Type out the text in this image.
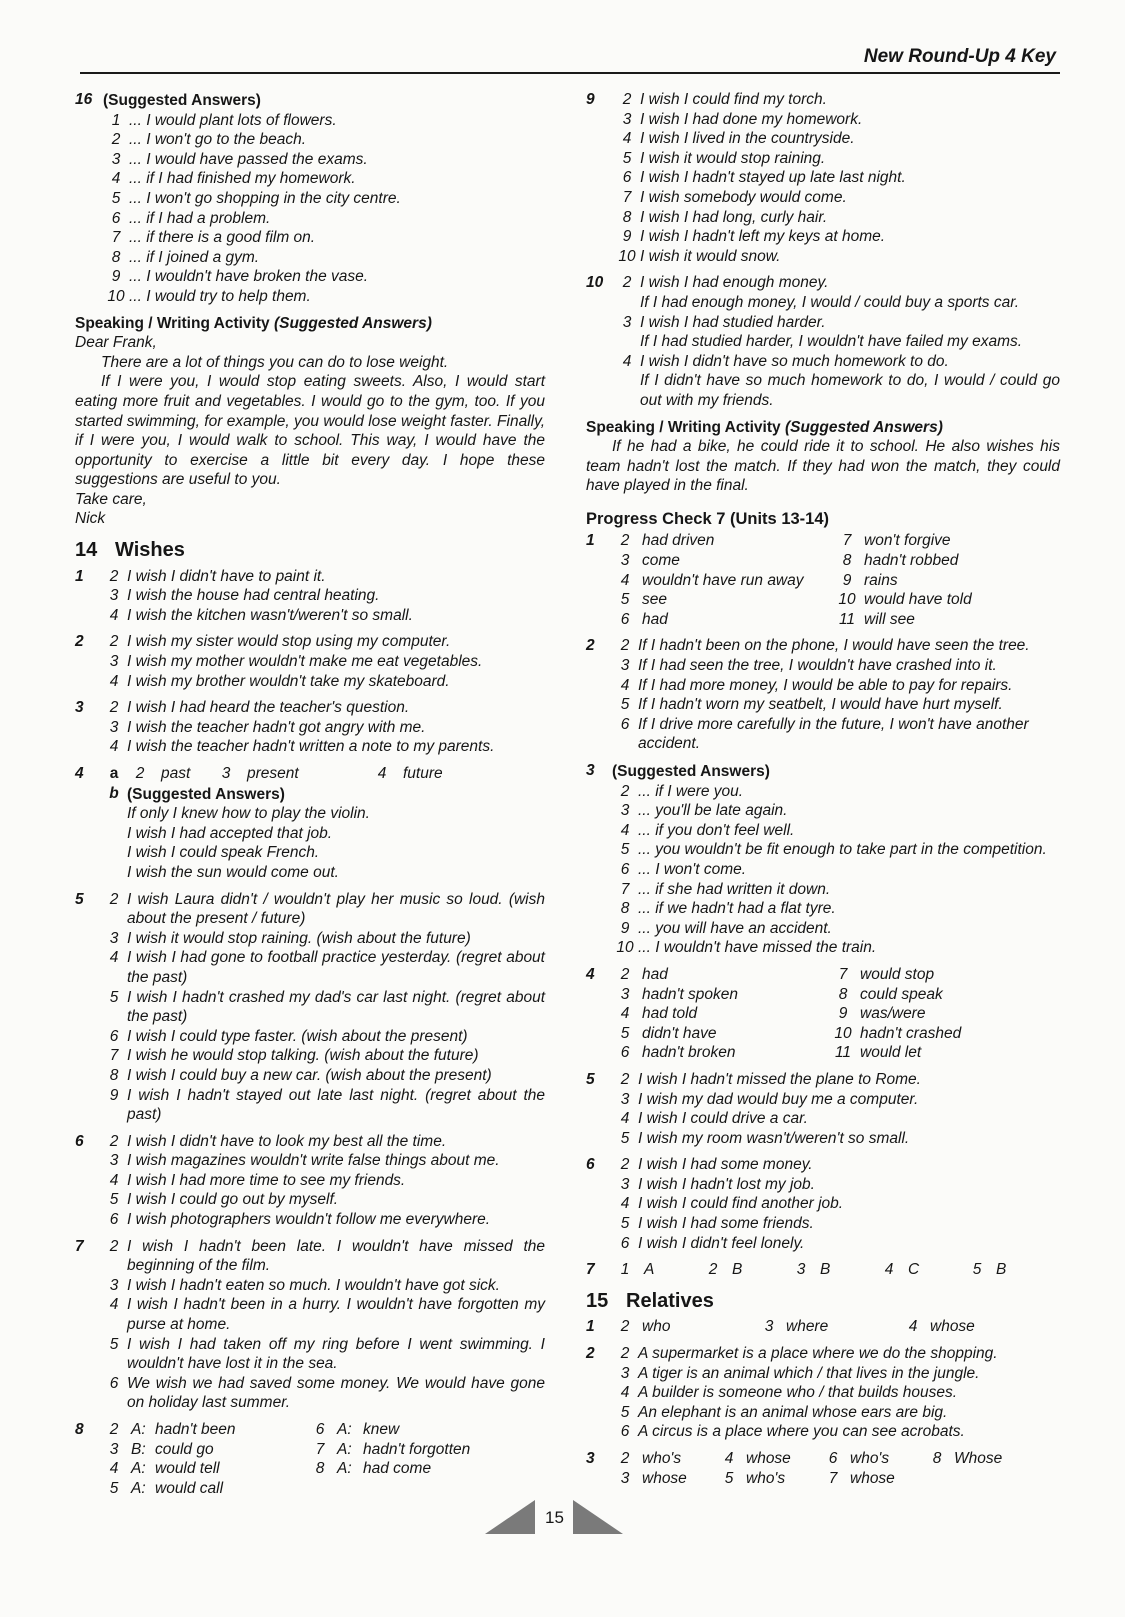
New Round-Up 4 Key
16 (Suggested Answers)
1 ... I would plant lots of flowers.
2 ... I won't go to the beach.
3 ... I would have passed the exams.
4 ... if I had finished my homework.
5 ... I won't go shopping in the city centre.
6 ... if I had a problem.
7 ... if there is a good film on.
8 ... if I joined a gym.
9 ... I wouldn't have broken the vase.
10 ... I would try to help them.
Speaking / Writing Activity (Suggested Answers)
Dear Frank,
There are a lot of things you can do to lose weight.
If I were you, I would stop eating sweets. Also, I would start eating more fruit and vegetables. I would go to the gym, too. If you started swimming, for example, you would lose weight faster. Finally, if I were you, I would walk to school. This way, I would have the opportunity to exercise a little bit every day. I hope these suggestions are useful to you.
Take care,
Nick
14 Wishes
1	2 I wish I didn't have to paint it.
3 I wish the house had central heating.
4 I wish the kitchen wasn't/weren't so small.
2	2 I wish my sister would stop using my computer.
3 I wish my mother wouldn't make me eat vegetables.
4 I wish my brother wouldn't take my skateboard.
3	2 I wish I had heard the teacher's question.
3 I wish the teacher hadn't got angry with me.
4 I wish the teacher hadn't written a note to my parents.
4	a	2	past	3	present	4	future
b (Suggested Answers)
If only I knew how to play the violin.
I wish I had accepted that job.
I wish I could speak French.
I wish the sun would come out.
5	2 I wish Laura didn't / wouldn't play her music so loud. (wish about the present / future)
3 I wish it would stop raining. (wish about the future)
4 I wish I had gone to football practice yesterday. (regret about the past)
5 I wish I hadn't crashed my dad's car last night. (regret about the past)
6 I wish I could type faster. (wish about the present)
7 I wish he would stop talking. (wish about the future)
8 I wish I could buy a new car. (wish about the present)
9 I wish I hadn't stayed out late last night. (regret about the past)
6	2 I wish I didn't have to look my best all the time.
3 I wish magazines wouldn't write false things about me.
4 I wish I had more time to see my friends.
5 I wish I could go out by myself.
6 I wish photographers wouldn't follow me everywhere.
7	2 I wish I hadn't been late. I wouldn't have missed the beginning of the film.
3 I wish I hadn't eaten so much. I wouldn't have got sick.
4 I wish I hadn't been in a hurry. I wouldn't have forgotten my purse at home.
5 I wish I had taken off my ring before I went swimming. I wouldn't have lost it in the sea.
6 We wish we had saved some money. We would have gone on holiday last summer.
8	2 A: hadn't been	6 A: knew
3 B: could go	7 A: hadn't forgotten
4 A: would tell	8 A: had come
5 A: would call
9	2 I wish I could find my torch.
3 I wish I had done my homework.
4 I wish I lived in the countryside.
5 I wish it would stop raining.
6 I wish I hadn't stayed up late last night.
7 I wish somebody would come.
8 I wish I had long, curly hair.
9 I wish I hadn't left my keys at home.
10 I wish it would snow.
10	2 I wish I had enough money.
If I had enough money, I would / could buy a sports car.
3 I wish I had studied harder.
If I had studied harder, I wouldn't have failed my exams.
4 I wish I didn't have so much homework to do.
If I didn't have so much homework to do, I would / could go out with my friends.
Speaking / Writing Activity (Suggested Answers)
If he had a bike, he could ride it to school. He also wishes his team hadn't lost the match. If they had won the match, they could have played in the final.
Progress Check 7 (Units 13-14)
1	2 had driven	7 won't forgive
3 come	8 hadn't robbed
4 wouldn't have run away	9 rains
5 see	10 would have told
6 had	11 will see
2	2 If I hadn't been on the phone, I would have seen the tree.
3 If I had seen the tree, I wouldn't have crashed into it.
4 If I had more money, I would be able to pay for repairs.
5 If I hadn't worn my seatbelt, I would have hurt myself.
6 If I drive more carefully in the future, I won't have another accident.
3	(Suggested Answers)
2 ... if I were you.
3 ... you'll be late again.
4 ... if you don't feel well.
5 ... you wouldn't be fit enough to take part in the competition.
6 ... I won't come.
7 ... if she had written it down.
8 ... if we hadn't had a flat tyre.
9 ... you will have an accident.
10 ... I wouldn't have missed the train.
4	2 had	7 would stop
3 hadn't spoken	8 could speak
4 had told	9 was/were
5 didn't have	10 hadn't crashed
6 hadn't broken	11 would let
5	2 I wish I hadn't missed the plane to Rome.
3 I wish my dad would buy me a computer.
4 I wish I could drive a car.
5 I wish my room wasn't/weren't so small.
6	2 I wish I had some money.
3 I wish I hadn't lost my job.
4 I wish I could find another job.
5 I wish I had some friends.
6 I wish I didn't feel lonely.
7	1 A	2 B	3 B	4 C	5 B
15 Relatives
1	2 who	3 where	4 whose
2	2 A supermarket is a place where we do the shopping.
3 A tiger is an animal which / that lives in the jungle.
4 A builder is someone who / that builds houses.
5 An elephant is an animal whose ears are big.
6 A circus is a place where you can see acrobats.
3	2 who's	4 whose	6 who's	8 Whose
3 whose	5 who's	7 whose
15
